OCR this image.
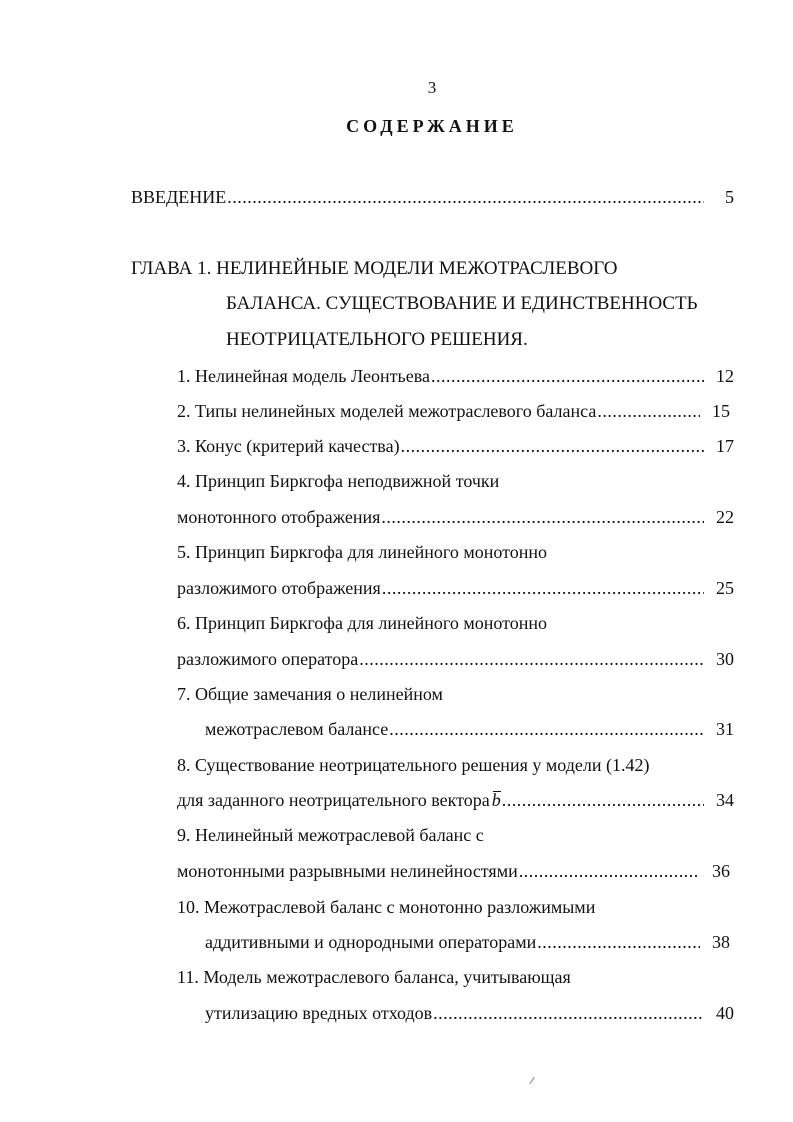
3
СОДЕРЖАНИЕ
ВВЕДЕНИЕ .....	5
ГЛАВА 1. НЕЛИНЕЙНЫЕ МОДЕЛИ МЕЖОТРАСЛЕВОГО
БАЛАНСА. СУЩЕСТВОВАНИЕ И ЕДИНСТВЕННОСТЬ
НЕОТРИЦАТЕЛЬНОГО РЕШЕНИЯ.
1. Нелинейная модель Леонтьева .....	12
2. Типы нелинейных моделей межотраслевого баланса .....	15
3. Конус (критерий качества) .....	17
4. Принцип Биркгофа неподвижной точки
монотонного отображения .....	22
5. Принцип Биркгофа для линейного монотонно
разложимого отображения .....	25
6. Принцип Биркгофа для линейного монотонно
разложимого оператора .....	30
7. Общие замечания о нелинейном
межотраслевом балансе .....	31
8. Существование неотрицательного решения у модели (1.42)
для заданного неотрицательного вектора b .....	34
9. Нелинейный межотраслевой баланс с
монотонными разрывными нелинейностями .....	36
10. Межотраслевой баланс с монотонно разложимыми
аддитивными и однородными операторами .....	38
11. Модель межотраслевого баланса, учитывающая
утилизацию вредных отходов .....	40
